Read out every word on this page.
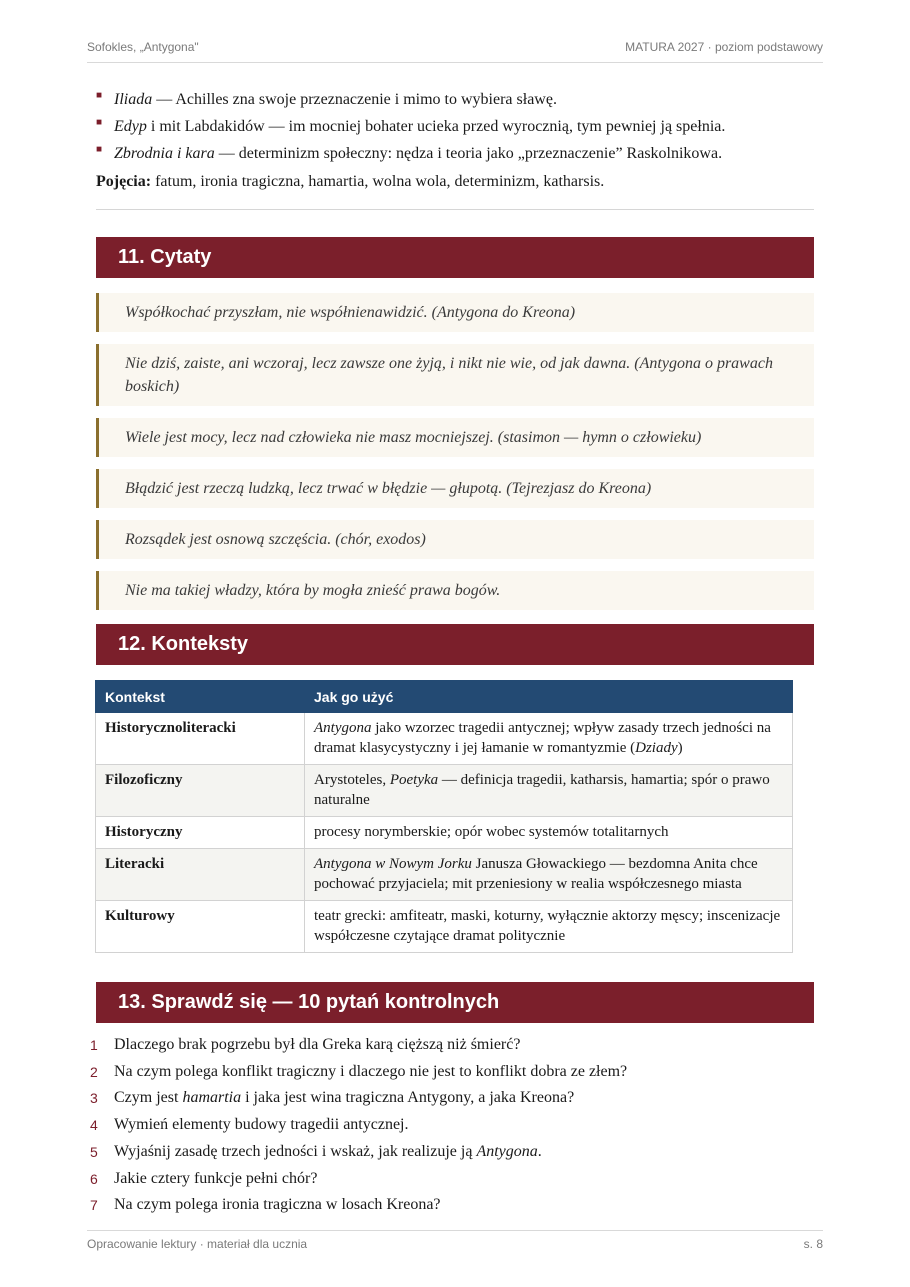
Sofokles, „Antygona"	MATURA 2027 · poziom podstawowy
■ Iliada — Achilles zna swoje przeznaczenie i mimo to wybiera sławę.
■ Edyp i mit Labdakidów — im mocniej bohater ucieka przed wyrocznią, tym pewniej ją spełnia.
■ Zbrodnia i kara — determinizm społeczny: nędza i teoria jako „przeznaczenie” Raskolnikowa.
Pojęcia: fatum, ironia tragiczna, hamartia, wolna wola, determinizm, katharsis.
11. Cytaty
Współkochać przyszłam, nie współnienawidzić. (Antygona do Kreona)
Nie dziś, zaiste, ani wczoraj, lecz zawsze one żyją, i nikt nie wie, od jak dawna. (Antygona o prawach boskich)
Wiele jest mocy, lecz nad człowieka nie masz mocniejszej. (stasimon — hymn o człowieku)
Błądzić jest rzeczą ludzką, lecz trwać w błędzie — głupotą. (Tejrezjasz do Kreona)
Rozsądek jest osnową szczęścia. (chór, exodos)
Nie ma takiej władzy, która by mogła znieść prawa bogów.
12. Konteksty
Kontekst	Jak go użyć
Historycznoliteracki	Antygona jako wzorzec tragedii antycznej; wpływ zasady trzech jedności na dramat klasycystyczny i jej łamanie w romantyzmie (Dziady)
Filozoficzny	Arystoteles, Poetyka — definicja tragedii, katharsis, hamartia; spór o prawo naturalne
Historyczny	procesy norymberskie; opór wobec systemów totalitarnych
Literacki	Antygona w Nowym Jorku Janusza Głowackiego — bezdomna Anita chce pochować przyjaciela; mit przeniesiony w realia współczesnego miasta
Kulturowy	teatr grecki: amfiteatr, maski, koturny, wyłącznie aktorzy męscy; inscenizacje współczesne czytające dramat politycznie
13. Sprawdź się — 10 pytań kontrolnych
1 Dlaczego brak pogrzebu był dla Greka karą cięższą niż śmierć?
2 Na czym polega konflikt tragiczny i dlaczego nie jest to konflikt dobra ze złem?
3 Czym jest hamartia i jaka jest wina tragiczna Antygony, a jaka Kreona?
4 Wymień elementy budowy tragedii antycznej.
5 Wyjaśnij zasadę trzech jedności i wskaż, jak realizuje ją Antygona.
6 Jakie cztery funkcje pełni chór?
7 Na czym polega ironia tragiczna w losach Kreona?
Opracowanie lektury · materiał dla ucznia	s. 8
